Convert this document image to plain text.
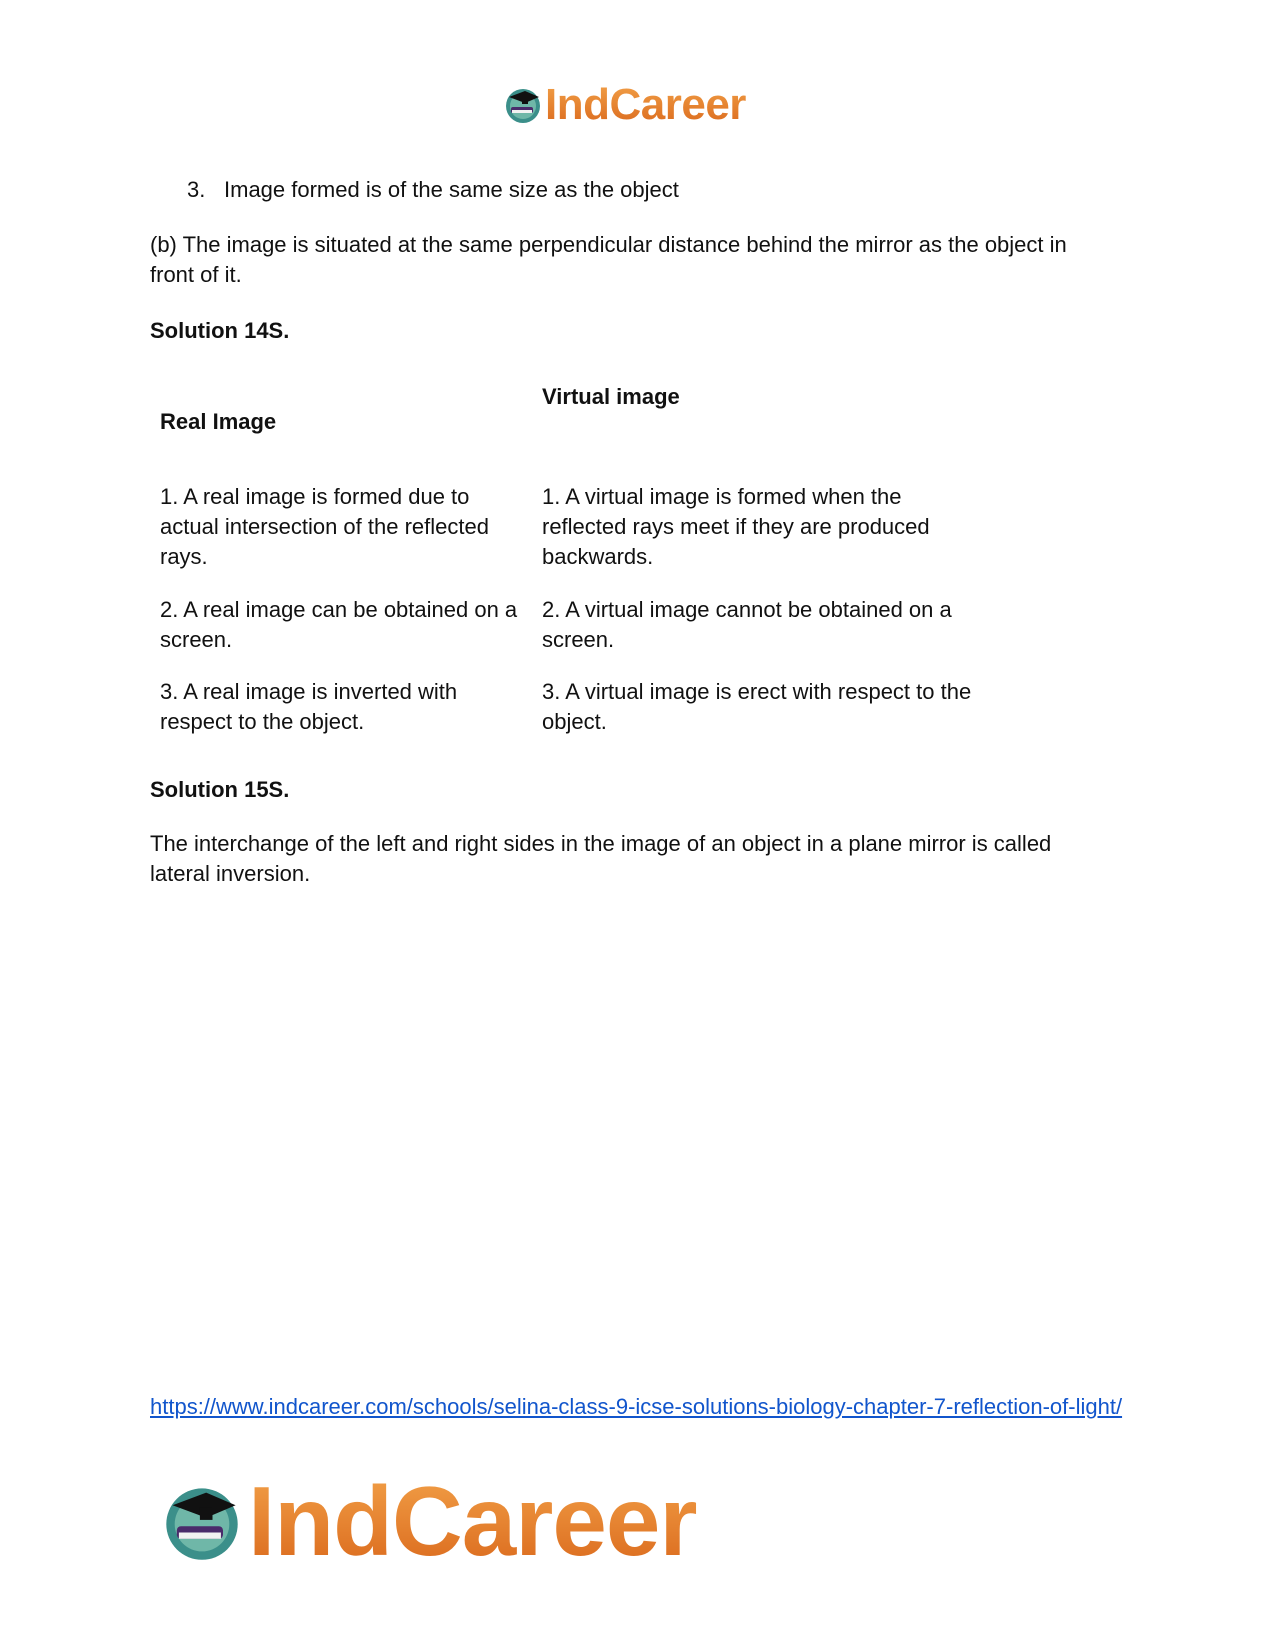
IndCareer
3. Image formed is of the same size as the object
(b) The image is situated at the same perpendicular distance behind the mirror as the object in front of it.
Solution 14S.
Real Image
Virtual image
1. A real image is formed due to actual intersection of the reflected rays.
1. A virtual image is formed when the reflected rays meet if they are produced backwards.
2. A real image can be obtained on a screen.
2. A virtual image cannot be obtained on a screen.
3. A real image is inverted with respect to the object.
3. A virtual image is erect with respect to the object.
Solution 15S.
The interchange of the left and right sides in the image of an object in a plane mirror is called lateral inversion.
https://www.indcareer.com/schools/selina-class-9-icse-solutions-biology-chapter-7-reflection-of-light/
IndCareer
